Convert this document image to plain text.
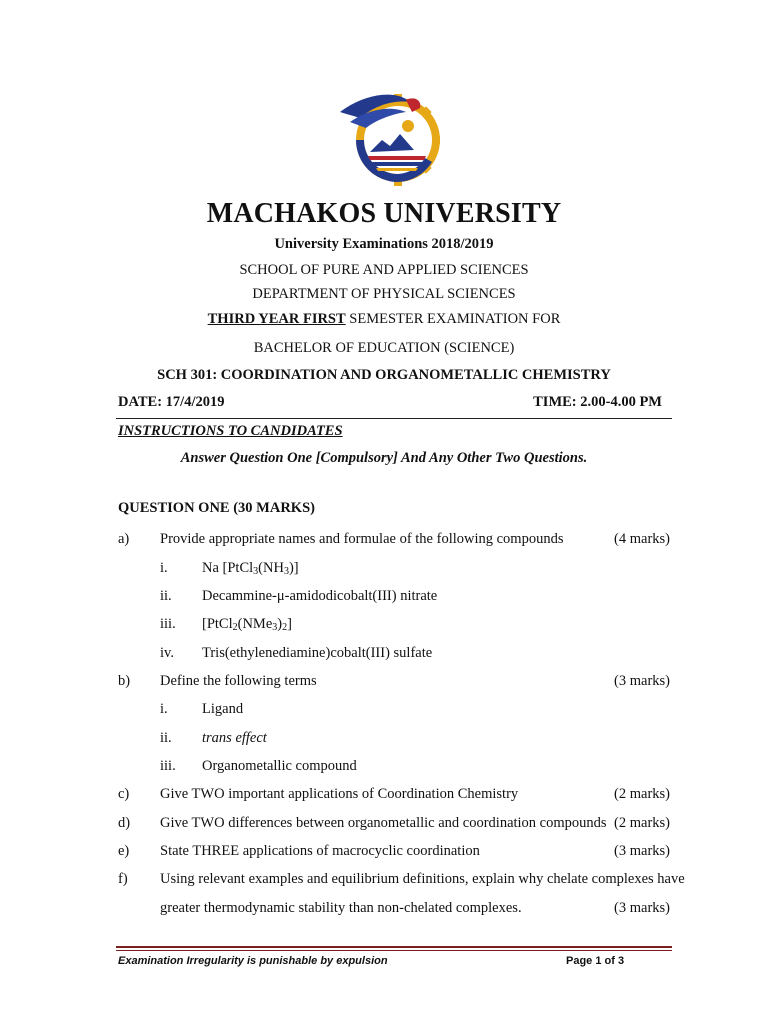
MACHAKOS UNIVERSITY
University Examinations 2018/2019
SCHOOL OF PURE AND APPLIED SCIENCES
DEPARTMENT OF PHYSICAL SCIENCES
THIRD YEAR FIRST SEMESTER EXAMINATION FOR
BACHELOR OF EDUCATION (SCIENCE)
SCH 301: COORDINATION AND ORGANOMETALLIC CHEMISTRY
DATE: 17/4/2019	TIME: 2.00-4.00 PM
INSTRUCTIONS TO CANDIDATES
Answer Question One [Compulsory] And Any Other Two Questions.
QUESTION ONE (30 MARKS)
a) Provide appropriate names and formulae of the following compounds	(4 marks)
i. Na $[PtCl_3(NH_3)]$
ii. Decammine-μ-amidodicobalt(III) nitrate
iii. $[PtCl_2(NMe_3)_2]$
iv. Tris(ethylenediamine)cobalt(III) sulfate
b) Define the following terms	(3 marks)
i. Ligand
ii. trans effect
iii. Organometallic compound
c) Give TWO important applications of Coordination Chemistry	(2 marks)
d) Give TWO differences between organometallic and coordination compounds (2 marks)
e) State THREE applications of macrocyclic coordination	(3 marks)
f) Using relevant examples and equilibrium definitions, explain why chelate complexes have
greater thermodynamic stability than non-chelated complexes.	(3 marks)
Examination Irregularity is punishable by expulsion	Page 1 of 3
